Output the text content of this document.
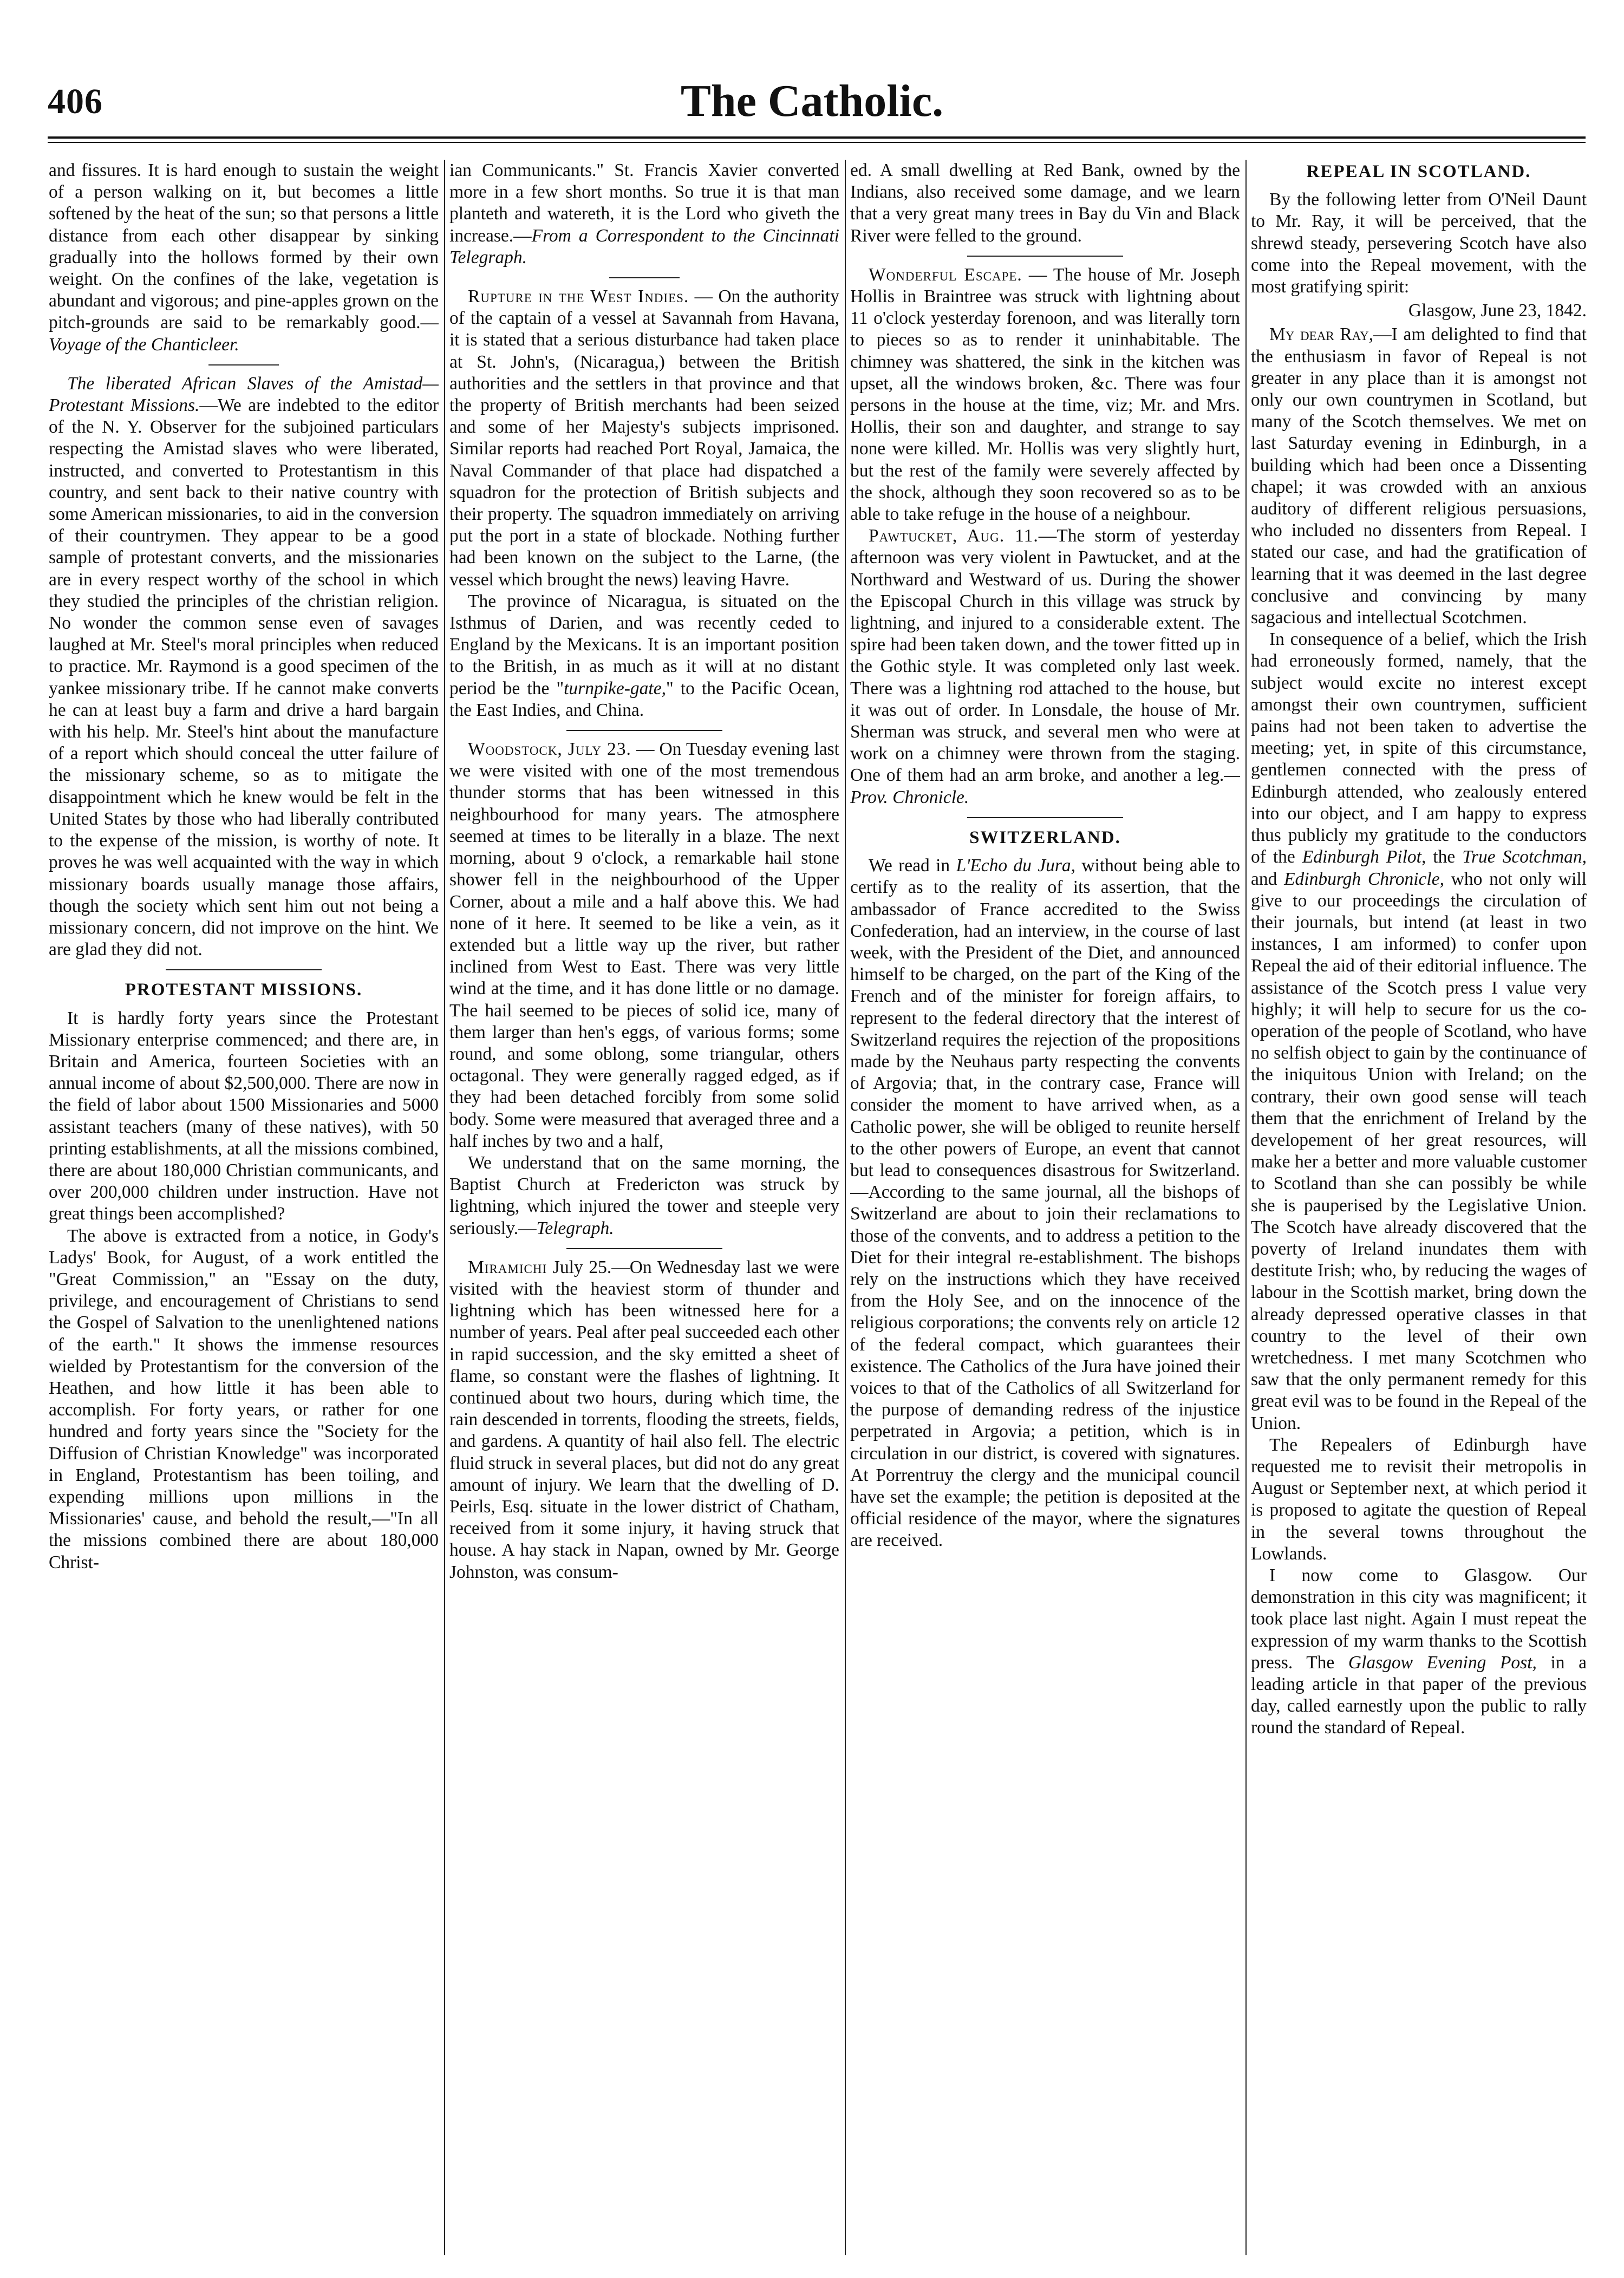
406	The Catholic.

and fissures. It is hard enough to sustain the weight of a person walking on it, but becomes a little softened by the heat of the sun; so that persons a little distance from each other disappear by sinking gradually into the hollows formed by their own weight. On the confines of the lake, vegetation is abundant and vigorous; and pine-apples grown on the pitch-grounds are said to be remarkably good.—Voyage of the Chanticleer.

The liberated African Slaves of the Amistad—Protestant Missions.—We are indebted to the editor of the N. Y. Observer for the subjoined particulars respecting the Amistad slaves who were liberated, instructed, and converted to Protestantism in this country, and sent back to their native country with some American missionaries, to aid in the conversion of their countrymen. They appear to be a good sample of protestant converts, and the missionaries are in every respect worthy of the school in which they studied the principles of the christian religion. No wonder the common sense even of savages laughed at Mr. Steel's moral principles when reduced to practice. Mr. Raymond is a good specimen of the yankee missionary tribe. If he cannot make converts he can at least buy a farm and drive a hard bargain with his help. Mr. Steel's hint about the manufacture of a report which should conceal the utter failure of the missionary scheme, so as to mitigate the disappointment which he knew would be felt in the United States by those who had liberally contributed to the expense of the mission, is worthy of note. It proves he was well acquainted with the way in which missionary boards usually manage those affairs, though the society which sent him out not being a missionary concern, did not improve on the hint. We are glad they did not.

PROTESTANT MISSIONS.

It is hardly forty years since the Protestant Missionary enterprise commenced; and there are, in Britain and America, fourteen Societies with an annual income of about $2,500,000. There are now in the field of labor about 1500 Missionaries and 5000 assistant teachers (many of these natives), with 50 printing establishments, at all the missions combined, there are about 180,000 Christian communicants, and over 200,000 children under instruction. Have not great things been accomplished?

The above is extracted from a notice, in Gody's Ladys' Book, for August, of a work entitled the "Great Commission," an "Essay on the duty, privilege, and encouragement of Christians to send the Gospel of Salvation to the unenlightened nations of the earth." It shows the immense resources wielded by Protestantism for the conversion of the Heathen, and how little it has been able to accomplish. For forty years, or rather for one hundred and forty years since the "Society for the Diffusion of Christian Knowledge" was incorporated in England, Protestantism has been toiling, and expending millions upon millions in the Missionaries' cause, and behold the result,—"In all the missions combined there are about 180,000 Christ-

ian Communicants." St. Francis Xavier converted more in a few short months. So true it is that man planteth and watereth, it is the Lord who giveth the increase.—From a Correspondent to the Cincinnati Telegraph.

Rupture in the West Indies. — On the authority of the captain of a vessel at Savannah from Havana, it is stated that a serious disturbance had taken place at St. John's, (Nicaragua,) between the British authorities and the settlers in that province and that the property of British merchants had been seized and some of her Majesty's subjects imprisoned. Similar reports had reached Port Royal, Jamaica, the Naval Commander of that place had dispatched a squadron for the protection of British subjects and their property. The squadron immediately on arriving put the port in a state of blockade. Nothing further had been known on the subject to the Larne, (the vessel which brought the news) leaving Havre.

The province of Nicaragua, is situated on the Isthmus of Darien, and was recently ceded to England by the Mexicans. It is an important position to the British, in as much as it will at no distant period be the "turnpike-gate," to the Pacific Ocean, the East Indies, and China.

Woodstock, July 23. — On Tuesday evening last we were visited with one of the most tremendous thunder storms that has been witnessed in this neighbourhood for many years. The atmosphere seemed at times to be literally in a blaze. The next morning, about 9 o'clock, a remarkable hail stone shower fell in the neighbourhood of the Upper Corner, about a mile and a half above this. We had none of it here. It seemed to be like a vein, as it extended but a little way up the river, but rather inclined from West to East. There was very little wind at the time, and it has done little or no damage. The hail seemed to be pieces of solid ice, many of them larger than hen's eggs, of various forms; some round, and some oblong, some triangular, others octagonal. They were generally ragged edged, as if they had been detached forcibly from some solid body. Some were measured that averaged three and a half inches by two and a half,

We understand that on the same morning, the Baptist Church at Fredericton was struck by lightning, which injured the tower and steeple very seriously.—Telegraph.

Miramichi July 25.—On Wednesday last we were visited with the heaviest storm of thunder and lightning which has been witnessed here for a number of years. Peal after peal succeeded each other in rapid succession, and the sky emitted a sheet of flame, so constant were the flashes of lightning. It continued about two hours, during which time, the rain descended in torrents, flooding the streets, fields, and gardens. A quantity of hail also fell. The electric fluid struck in several places, but did not do any great amount of injury. We learn that the dwelling of D. Peirls, Esq. situate in the lower district of Chatham, received from it some injury, it having struck that house. A hay stack in Napan, owned by Mr. George Johnston, was consum-

ed. A small dwelling at Red Bank, owned by the Indians, also received some damage, and we learn that a very great many trees in Bay du Vin and Black River were felled to the ground.

Wonderful Escape. — The house of Mr. Joseph Hollis in Braintree was struck with lightning about 11 o'clock yesterday forenoon, and was literally torn to pieces so as to render it uninhabitable. The chimney was shattered, the sink in the kitchen was upset, all the windows broken, &c. There was four persons in the house at the time, viz; Mr. and Mrs. Hollis, their son and daughter, and strange to say none were killed. Mr. Hollis was very slightly hurt, but the rest of the family were severely affected by the shock, although they soon recovered so as to be able to take refuge in the house of a neighbour.

Pawtucket, Aug. 11.—The storm of yesterday afternoon was very violent in Pawtucket, and at the Northward and Westward of us. During the shower the Episcopal Church in this village was struck by lightning, and injured to a considerable extent. The spire had been taken down, and the tower fitted up in the Gothic style. It was completed only last week. There was a lightning rod attached to the house, but it was out of order. In Lonsdale, the house of Mr. Sherman was struck, and several men who were at work on a chimney were thrown from the staging. One of them had an arm broke, and another a leg.—Prov. Chronicle.

SWITZERLAND.

We read in L'Echo du Jura, without being able to certify as to the reality of its assertion, that the ambassador of France accredited to the Swiss Confederation, had an interview, in the course of last week, with the President of the Diet, and announced himself to be charged, on the part of the King of the French and of the minister for foreign affairs, to represent to the federal directory that the interest of Switzerland requires the rejection of the propositions made by the Neuhaus party respecting the convents of Argovia; that, in the contrary case, France will consider the moment to have arrived when, as a Catholic power, she will be obliged to reunite herself to the other powers of Europe, an event that cannot but lead to consequences disastrous for Switzerland.—According to the same journal, all the bishops of Switzerland are about to join their reclamations to those of the convents, and to address a petition to the Diet for their integral re-establishment. The bishops rely on the instructions which they have received from the Holy See, and on the innocence of the religious corporations; the convents rely on article 12 of the federal compact, which guarantees their existence. The Catholics of the Jura have joined their voices to that of the Catholics of all Switzerland for the purpose of demanding redress of the injustice perpetrated in Argovia; a petition, which is in circulation in our district, is covered with signatures. At Porrentruy the clergy and the municipal council have set the example; the petition is deposited at the official residence of the mayor, where the signatures are received.

REPEAL IN SCOTLAND.

By the following letter from O'Neil Daunt to Mr. Ray, it will be perceived, that the shrewd steady, persevering Scotch have also come into the Repeal movement, with the most gratifying spirit:

Glasgow, June 23, 1842.

My dear Ray,—I am delighted to find that the enthusiasm in favor of Repeal is not greater in any place than it is amongst not only our own countrymen in Scotland, but many of the Scotch themselves. We met on last Saturday evening in Edinburgh, in a building which had been once a Dissenting chapel; it was crowded with an anxious auditory of different religious persuasions, who included no dissenters from Repeal. I stated our case, and had the gratification of learning that it was deemed in the last degree conclusive and convincing by many sagacious and intellectual Scotchmen.

In consequence of a belief, which the Irish had erroneously formed, namely, that the subject would excite no interest except amongst their own countrymen, sufficient pains had not been taken to advertise the meeting; yet, in spite of this circumstance, gentlemen connected with the press of Edinburgh attended, who zealously entered into our object, and I am happy to express thus publicly my gratitude to the conductors of the Edinburgh Pilot, the True Scotchman, and Edinburgh Chronicle, who not only will give to our proceedings the circulation of their journals, but intend (at least in two instances, I am informed) to confer upon Repeal the aid of their editorial influence. The assistance of the Scotch press I value very highly; it will help to secure for us the co-operation of the people of Scotland, who have no selfish object to gain by the continuance of the iniquitous Union with Ireland; on the contrary, their own good sense will teach them that the enrichment of Ireland by the developement of her great resources, will make her a better and more valuable customer to Scotland than she can possibly be while she is pauperised by the Legislative Union. The Scotch have already discovered that the poverty of Ireland inundates them with destitute Irish; who, by reducing the wages of labour in the Scottish market, bring down the already depressed operative classes in that country to the level of their own wretchedness. I met many Scotchmen who saw that the only permanent remedy for this great evil was to be found in the Repeal of the Union.

The Repealers of Edinburgh have requested me to revisit their metropolis in August or September next, at which period it is proposed to agitate the question of Repeal in the several towns throughout the Lowlands.

I now come to Glasgow. Our demonstration in this city was magnificent; it took place last night. Again I must repeat the expression of my warm thanks to the Scottish press. The Glasgow Evening Post, in a leading article in that paper of the previous day, called earnestly upon the public to rally round the standard of Repeal.
